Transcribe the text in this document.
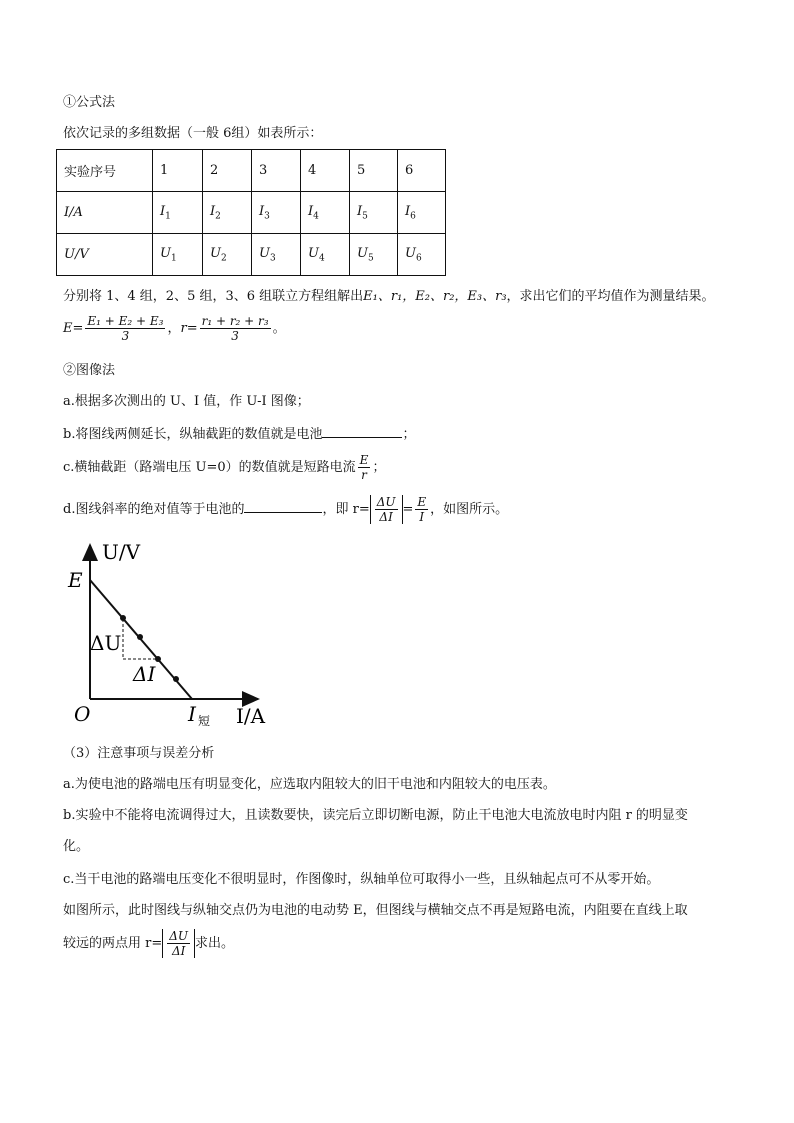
①公式法
依次记录的多组数据（一般 6组）如表所示：
实验序号	1	2	3	4	5	6
I/A	$I_1$	$I_2$	$I_3$	$I_4$	$I_5$	$I_6$
U/V	$U_1$	$U_2$	$U_3$	$U_4$	$U_5$	$U_6$
分别将 1、4 组，2、5 组，3、6 组联立方程组解出E₁、r₁，E₂、r₂，E₃、r₃，求出它们的平均值作为测量结果。
$E= \frac{\text{E₁ + E₂ + E₃}}{3}$ ，$r= \frac{\text{r₁ + r₂ + r₃}}{3}$ 。
②图像法
a.根据多次测出的 U、I 值，作 U-I 图像；
b.将图线两侧延长，纵轴截距的数值就是电池	；
c.横轴截距（路端电压 U=0）的数值就是短路电流 $\frac{E}{r}$ ；
d.图线斜率的绝对值等于电池的	，即 $r= \frac{\Delta U}{\Delta I} = \frac{E}{I}$ ，如图所示。
U/V
E
ΔU
ΔI
O	I 短 I/A
（3）注意事项与误差分析
a.为使电池的路端电压有明显变化，应选取内阻较大的旧干电池和内阻较大的电压表。
b.实验中不能将电流调得过大，且读数要快，读完后立即切断电源，防止干电池大电流放电时内阻 r 的明显变
化。
c.当干电池的路端电压变化不很明显时，作图像时，纵轴单位可取得小一些，且纵轴起点可不从零开始。
如图所示，此时图线与纵轴交点仍为电池的电动势 E，但图线与横轴交点不再是短路电流，内阻要在直线上取
较远的两点用 $r= \frac{\Delta U}{\Delta I}$ 求出。
